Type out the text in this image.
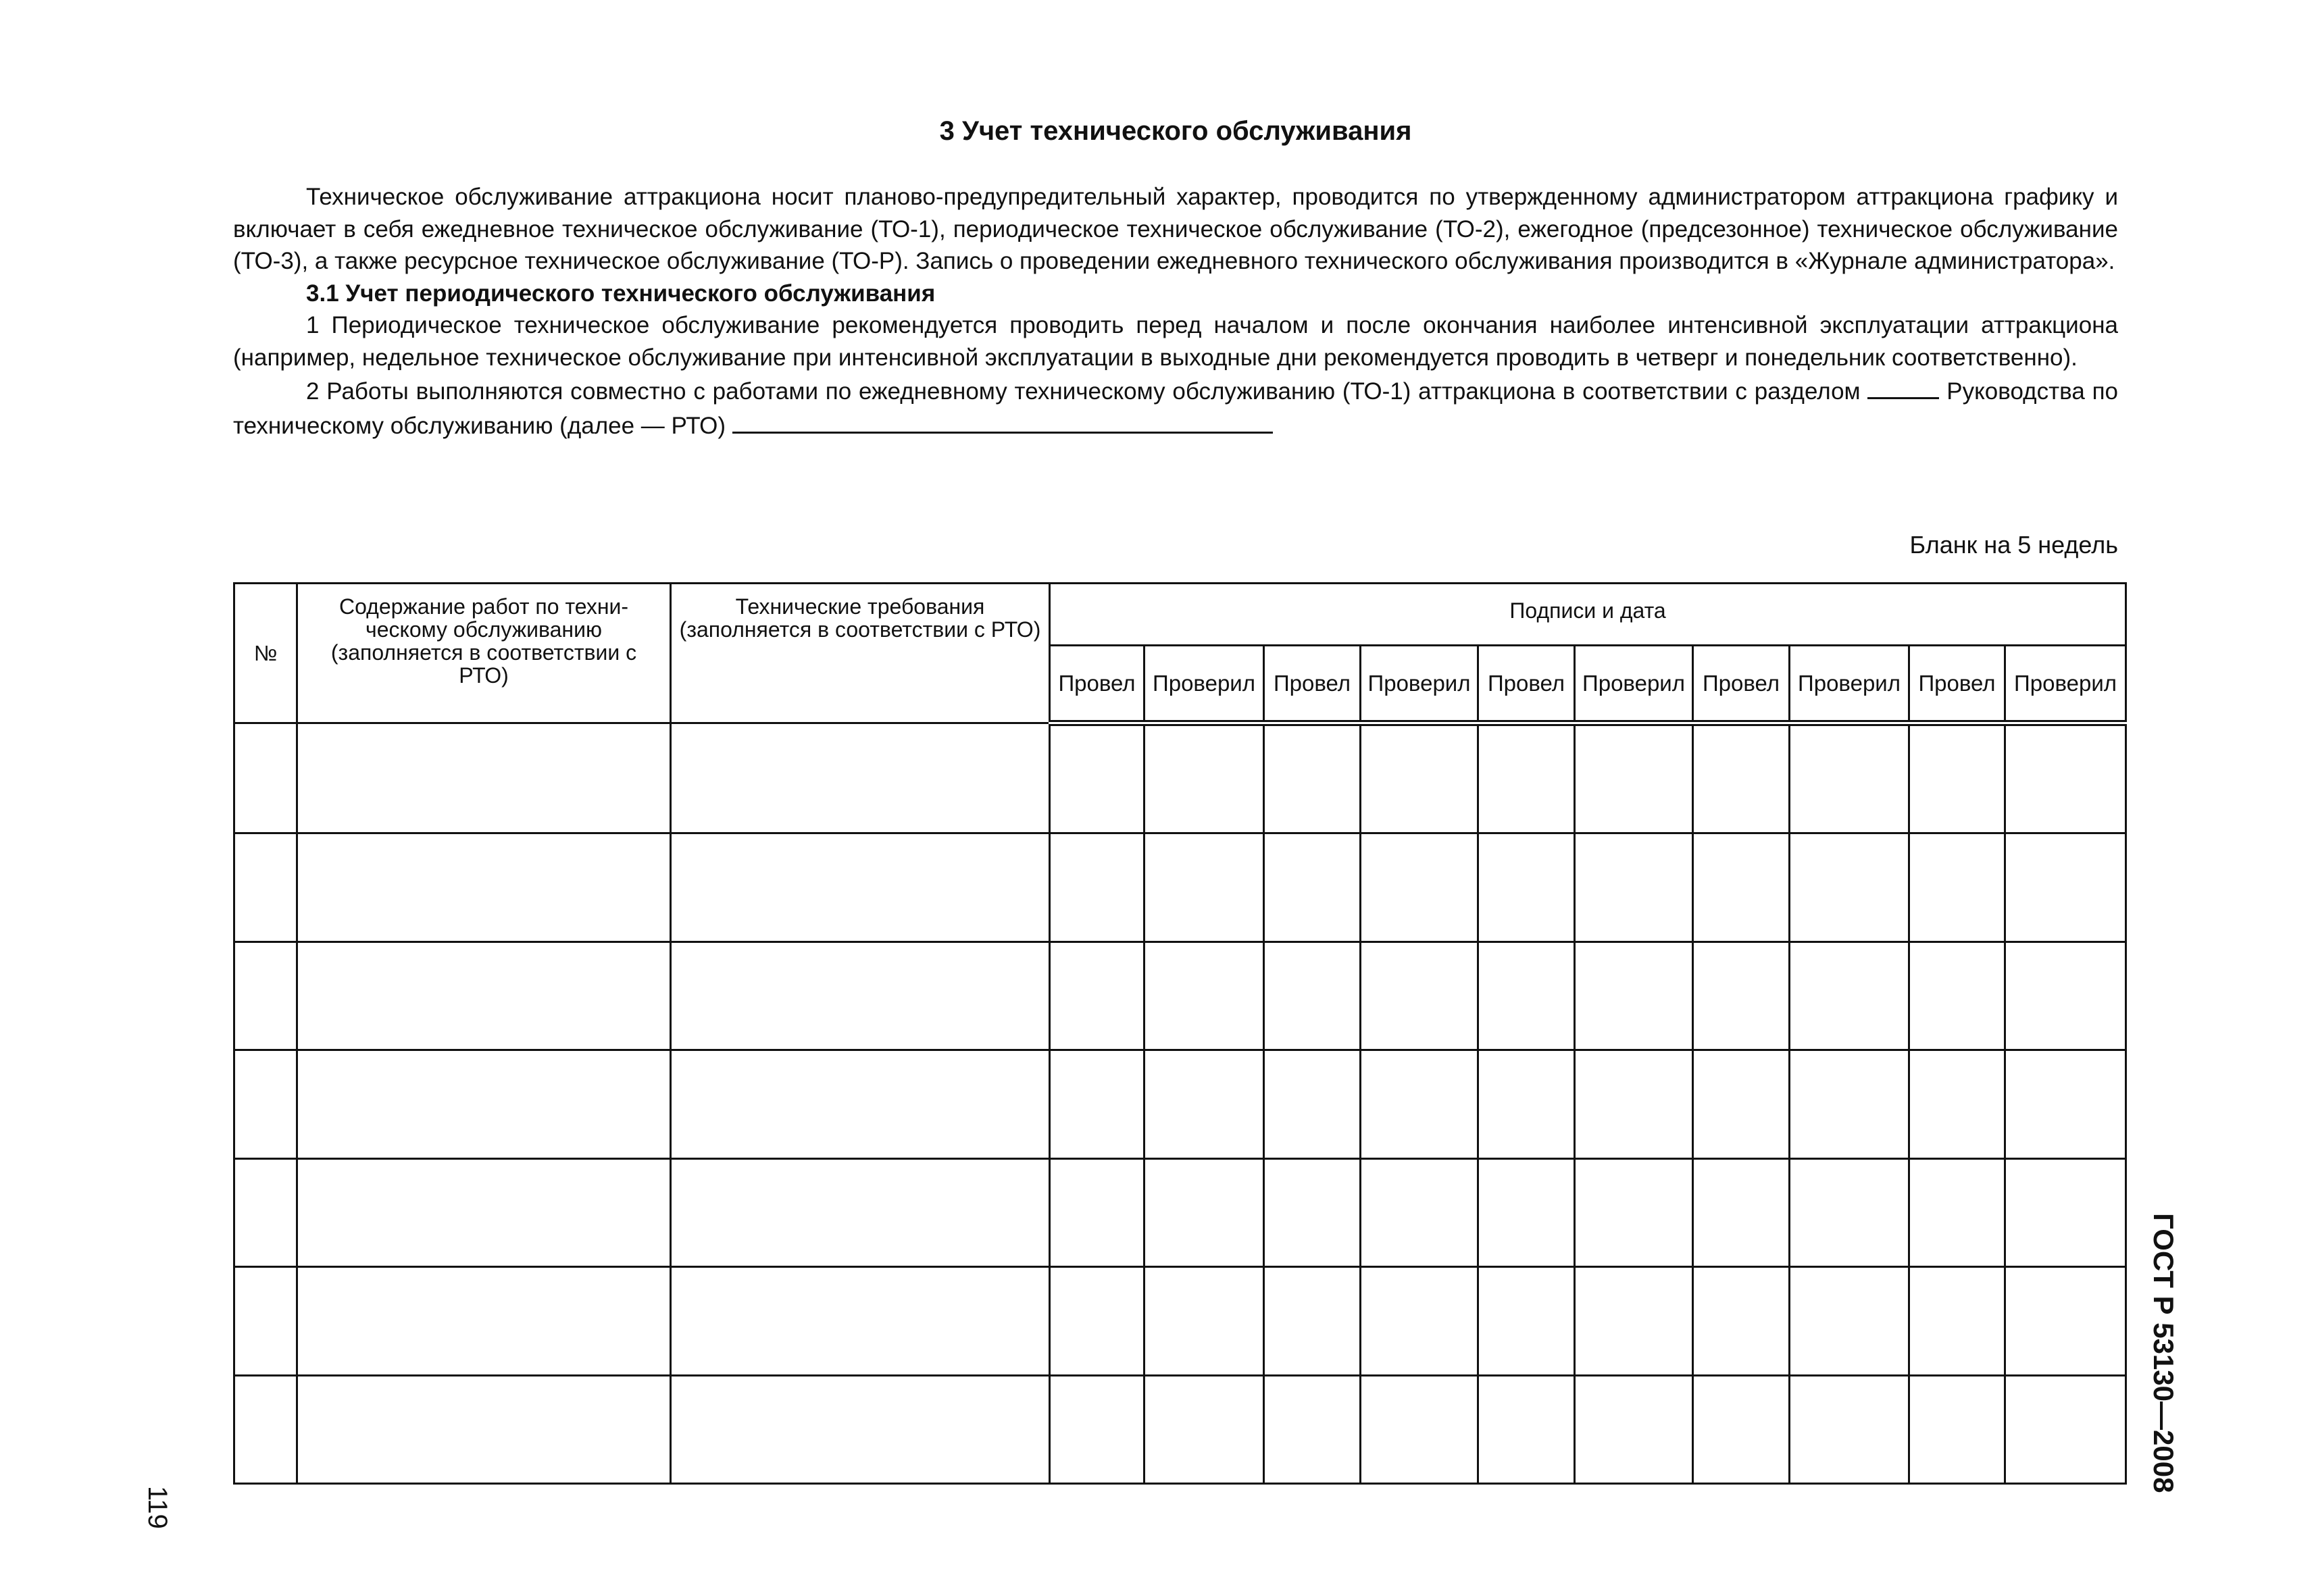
3 Учет технического обслуживания

Техническое обслуживание аттракциона носит планово-предупредительный характер, проводится по утвержденному администратором аттракциона графику и включает в себя ежедневное техническое обслуживание (ТО-1), периодическое техническое обслуживание (ТО-2), ежегодное (предсезонное) техническое обслуживание (ТО-3), а также ресурсное техническое обслуживание (ТО-Р). Запись о проведении ежедневного технического обслуживания производится в «Журнале администратора».

3.1 Учет периодического технического обслуживания

1 Периодическое техническое обслуживание рекомендуется проводить перед началом и после окончания наиболее интенсивной эксплуатации аттракциона (например, недельное техническое обслуживание при интенсивной эксплуатации в выходные дни рекомендуется проводить в четверг и понедельник соответственно).

2 Работы выполняются совместно с работами по ежедневному техническому обслуживанию (ТО-1) аттракциона в соответствии с разделом	Руководства по техническому обслуживанию (далее — РТО)

Бланк на 5 недель
№	Содержание работ по техни-ческому обслуживанию (заполняется в соответствии с РТО)	Технические требования (заполняется в соответствии с РТО)	Подписи и дата									
			Провел	Проверил	Провел	Проверил	Провел	Проверил	Провел	Проверил	Провел	Проверил

ГОСТ Р 53130—2008
119
